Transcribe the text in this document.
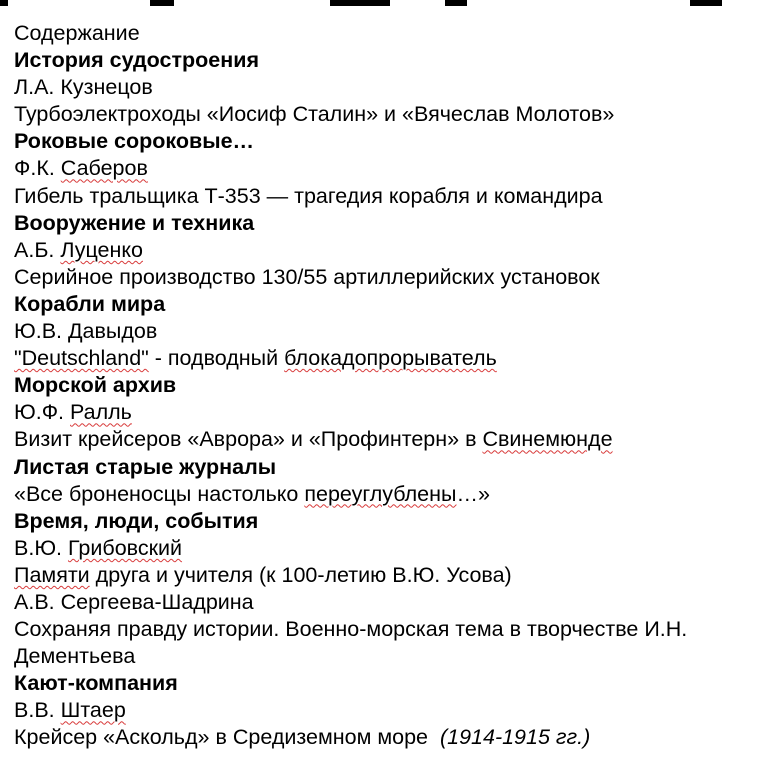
Содержание
История судостроения
Л.А. Кузнецов
Турбоэлектроходы «Иосиф Сталин» и «Вячеслав Молотов»
Роковые сороковые…
Ф.К. Саберов
Гибель тральщика Т-353 — трагедия корабля и командира
Вооружение и техника
А.Б. Луценко
Серийное производство 130/55 артиллерийских установок
Корабли мира
Ю.В. Давыдов
"Deutschland" - подводный блокадопрорыватель
Морской архив
Ю.Ф. Ралль
Визит крейсеров «Аврора» и «Профинтерн» в Свинемюнде
Листая старые журналы
«Все броненосцы настолько переуглублены…»
Время, люди, события
В.Ю. Грибовский
Памяти друга и учителя (к 100-летию В.Ю. Усова)
А.В. Сергеева-Шадрина
Сохраняя правду истории. Военно-морская тема в творчестве И.Н. Дементьева
Кают-компания
В.В. Штаер
Крейсер «Аскольд» в Средиземном море  (1914-1915 гг.)
